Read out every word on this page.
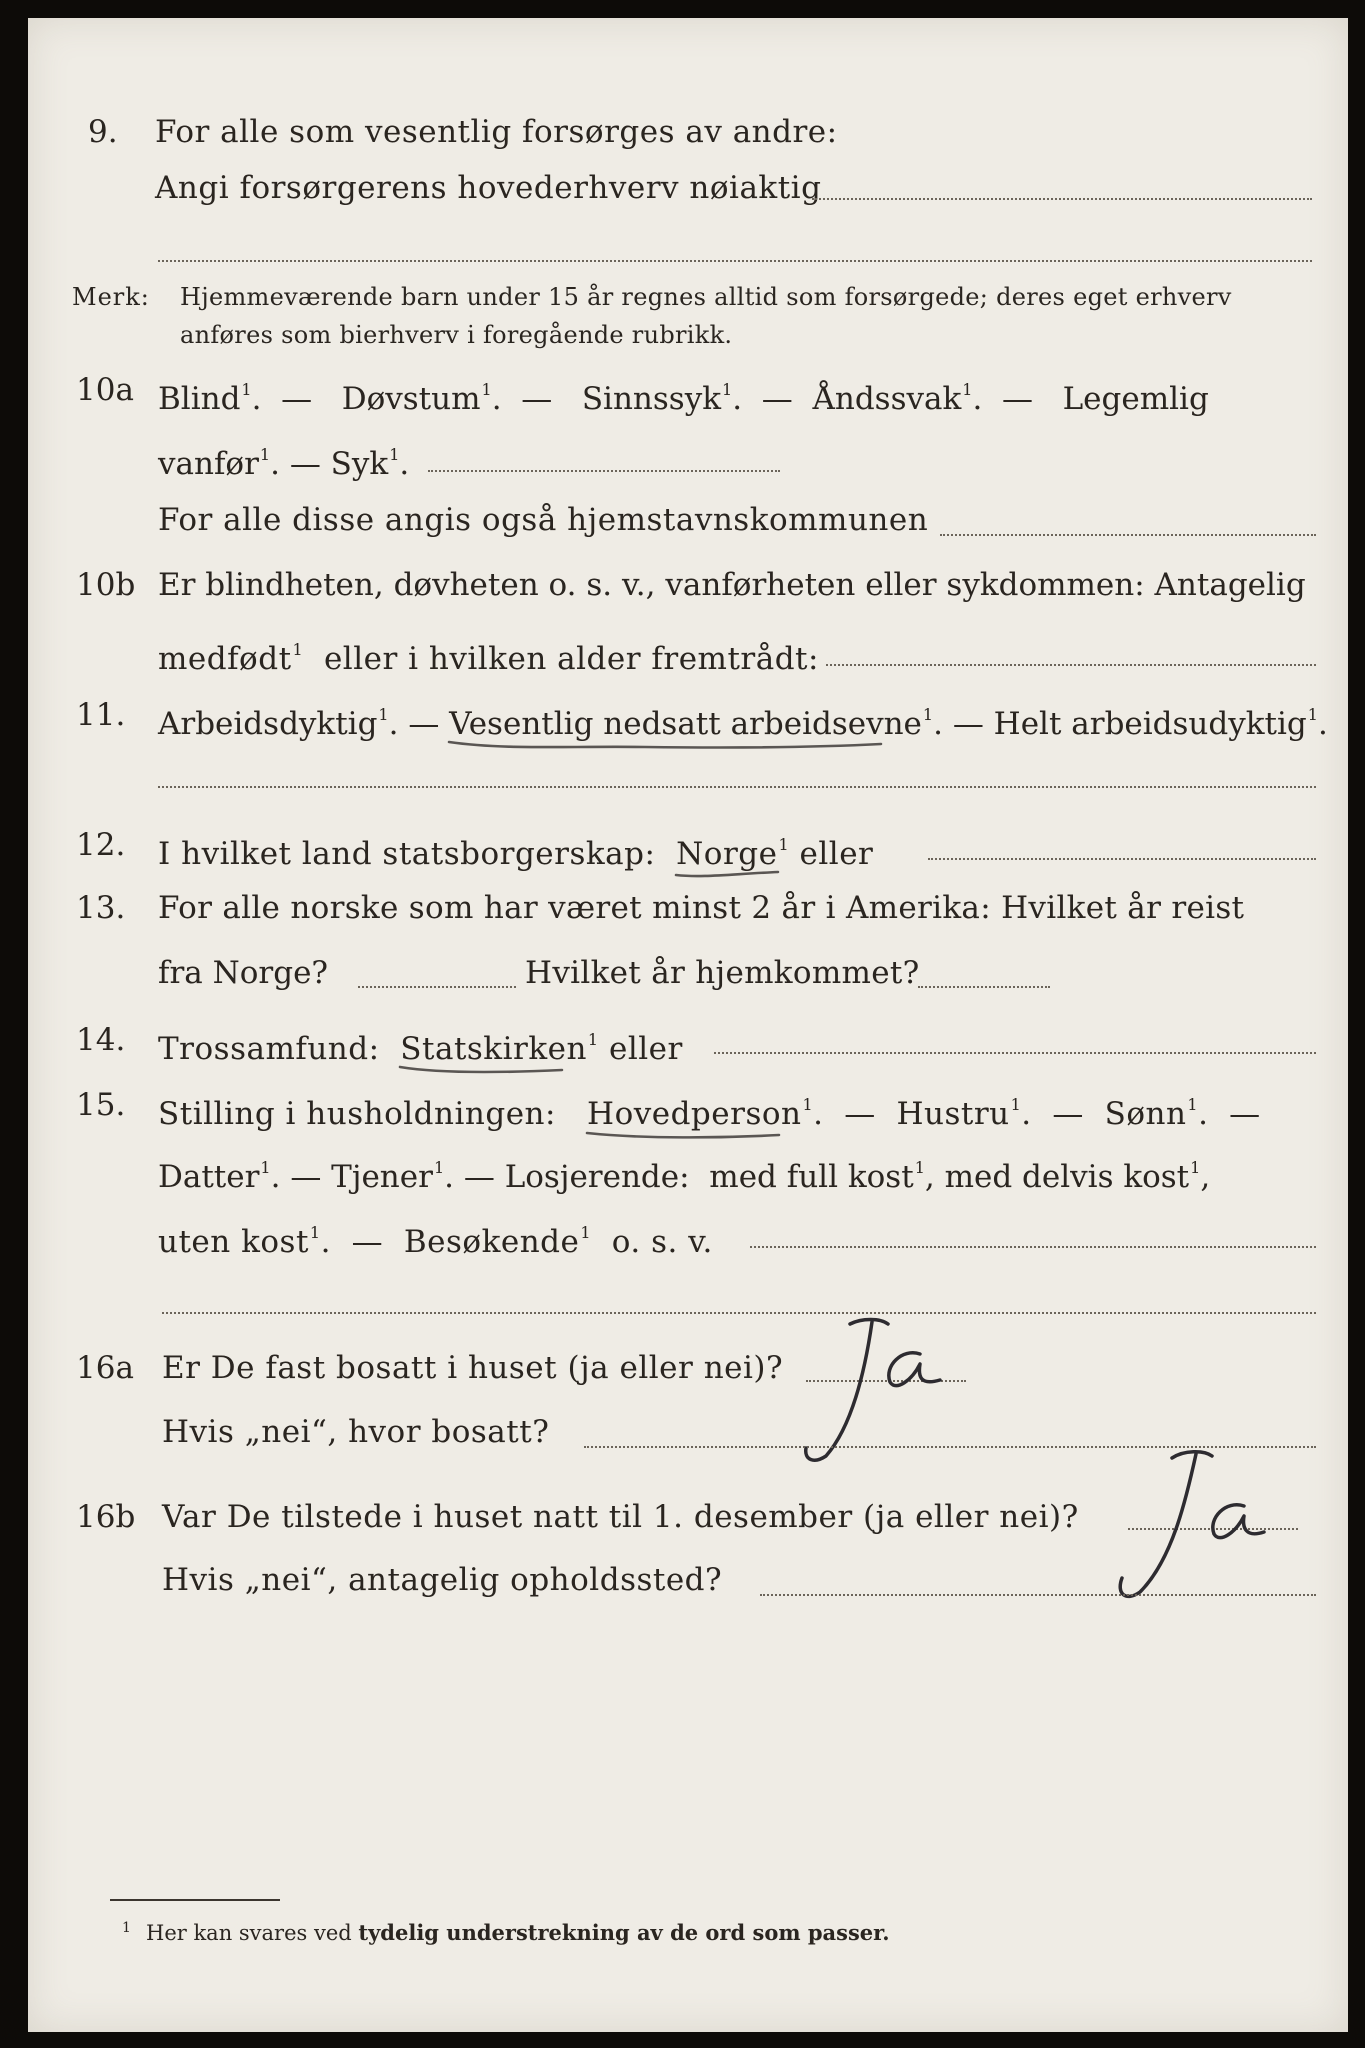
9.	For alle som vesentlig forsørges av andre:
Angi forsørgerens hovederhverv nøiaktig
Merk: Hjemmeværende barn under 15 år regnes alltid som forsørgede; deres eget erhverv
anføres som bierhverv i foregående rubrikk.
10a Blind$^1$.  —   Døvstum$^1$.  —   Sinnssyk$^1$.  —  Åndssvak$^1$.  —   Legemlig
vanfør$^1$. — Syk$^1$.
For alle disse angis også hjemstavnskommunen
10b Er blindheten, døvheten o. s. v., vanførheten eller sykdommen: Antagelig
medfødt$^1$ eller i hvilken alder fremtrådt:
11.	Arbeidsdyktig$^1$. — Vesentlig nedsatt arbeidsevne
$^1$. — Helt arbeidsudyktig$^1$.
12.	I hvilket land statsborgerskap: Norge
$^1$ eller
13.	For alle norske som har været minst 2 år i Amerika: Hvilket år reist
fra Norge?	Hvilket år hjemkommet?
14.	Trossamfund: Statskirken
$^1$ eller
15.	Stilling i husholdningen: Hovedperson
$^1$.  —  Hustru$^1$.  —  Sønn$^1$.  —
Datter$^1$. — Tjener$^1$. — Losjerende: med full kost$^1$, med delvis kost$^1$,
uten kost$^1$.  —  Besøkende$^1$ o. s. v.
16a Er De fast bosatt i huset (ja eller nei)?
Hvis „nei“, hvor bosatt?
16b Var De tilstede i huset natt til 1. desember (ja eller nei)?
Hvis „nei“, antagelig opholdssted?
1 Her kan svares ved tydelig understrekning av de ord som passer.
